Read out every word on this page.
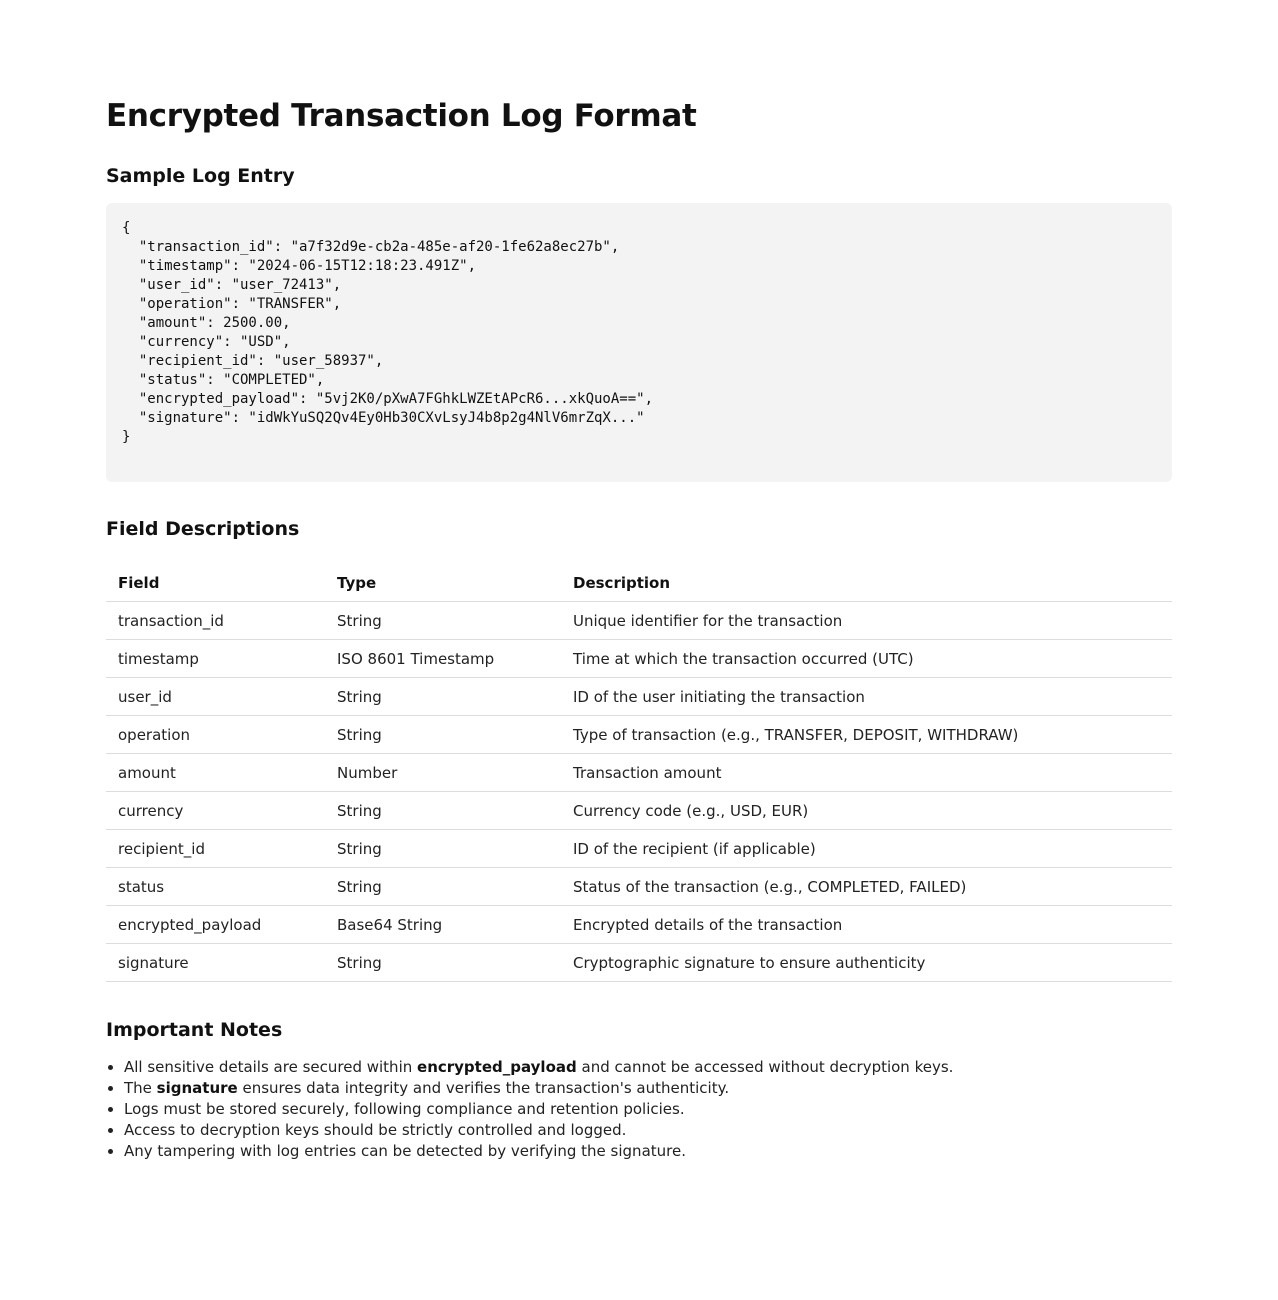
Encrypted Transaction Log Format
Sample Log Entry
{
"transaction_id": "a7f32d9e-cb2a-485e-af20-1fe62a8ec27b",
"timestamp": "2024-06-15T12:18:23.491Z",
"user_id": "user_72413",
"operation": "TRANSFER",
"amount": 2500.00,
"currency": "USD",
"recipient_id": "user_58937",
"status": "COMPLETED",
"encrypted_payload": "5vj2K0/pXwA7FGhkLWZEtAPcR6...xkQuoA==",
"signature": "idWkYuSQ2Qv4Ey0Hb30CXvLsyJ4b8p2g4NlV6mrZqX..."
}
Field Descriptions
Field	Type	Description
transaction_id	String	Unique identifier for the transaction
timestamp	ISO 8601 Timestamp	Time at which the transaction occurred (UTC)
user_id	String	ID of the user initiating the transaction
operation	String	Type of transaction (e.g., TRANSFER, DEPOSIT, WITHDRAW)
amount	Number	Transaction amount
currency	String	Currency code (e.g., USD, EUR)
recipient_id	String	ID of the recipient (if applicable)
status	String	Status of the transaction (e.g., COMPLETED, FAILED)
encrypted_payload	Base64 String	Encrypted details of the transaction
signature	String	Cryptographic signature to ensure authenticity
Important Notes
• All sensitive details are secured within encrypted_payload and cannot be accessed without decryption keys.
• The signature ensures data integrity and verifies the transaction's authenticity.
• Logs must be stored securely, following compliance and retention policies.
• Access to decryption keys should be strictly controlled and logged.
• Any tampering with log entries can be detected by verifying the signature.
